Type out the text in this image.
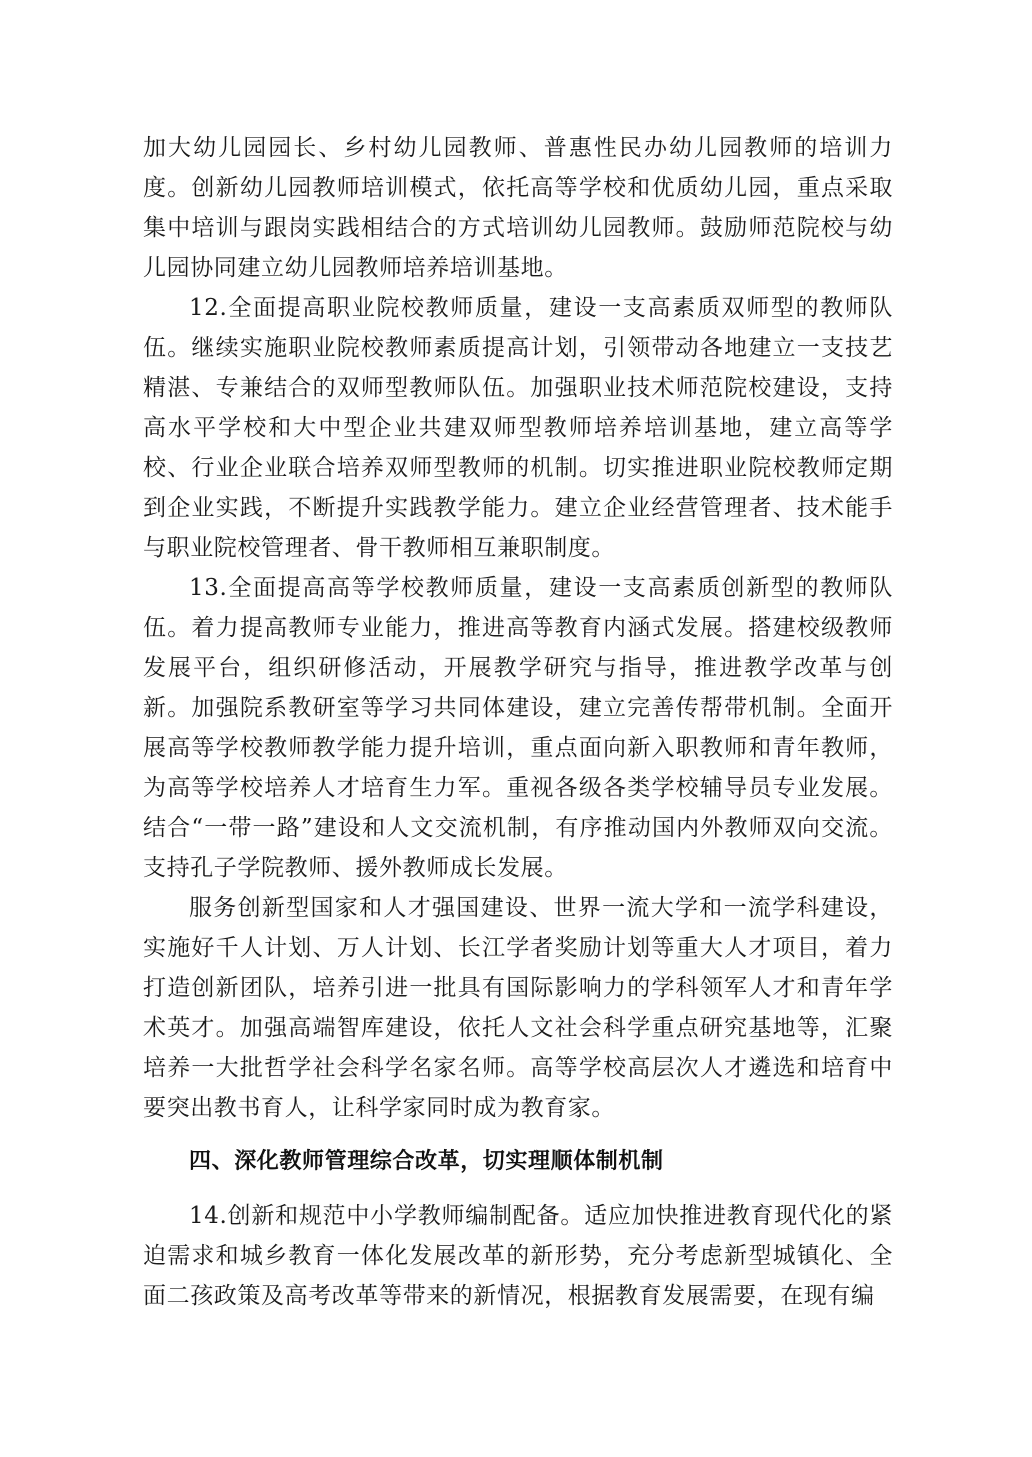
加大幼儿园园长、乡村幼儿园教师、普惠性民办幼儿园教师的培训力度。创新幼儿园教师培训模式，依托高等学校和优质幼儿园，重点采取集中培训与跟岗实践相结合的方式培训幼儿园教师。鼓励师范院校与幼儿园协同建立幼儿园教师培养培训基地。

12.全面提高职业院校教师质量，建设一支高素质双师型的教师队伍。继续实施职业院校教师素质提高计划，引领带动各地建立一支技艺精湛、专兼结合的双师型教师队伍。加强职业技术师范院校建设，支持高水平学校和大中型企业共建双师型教师培养培训基地，建立高等学校、行业企业联合培养双师型教师的机制。切实推进职业院校教师定期到企业实践，不断提升实践教学能力。建立企业经营管理者、技术能手与职业院校管理者、骨干教师相互兼职制度。

13.全面提高高等学校教师质量，建设一支高素质创新型的教师队伍。着力提高教师专业能力，推进高等教育内涵式发展。搭建校级教师发展平台，组织研修活动，开展教学研究与指导，推进教学改革与创新。加强院系教研室等学习共同体建设，建立完善传帮带机制。全面开展高等学校教师教学能力提升培训，重点面向新入职教师和青年教师，为高等学校培养人才培育生力军。重视各级各类学校辅导员专业发展。结合“一带一路”建设和人文交流机制，有序推动国内外教师双向交流。支持孔子学院教师、援外教师成长发展。

服务创新型国家和人才强国建设、世界一流大学和一流学科建设，实施好千人计划、万人计划、长江学者奖励计划等重大人才项目，着力打造创新团队，培养引进一批具有国际影响力的学科领军人才和青年学术英才。加强高端智库建设，依托人文社会科学重点研究基地等，汇聚培养一大批哲学社会科学名家名师。高等学校高层次人才遴选和培育中要突出教书育人，让科学家同时成为教育家。

四、深化教师管理综合改革，切实理顺体制机制

14.创新和规范中小学教师编制配备。适应加快推进教育现代化的紧迫需求和城乡教育一体化发展改革的新形势，充分考虑新型城镇化、全面二孩政策及高考改革等带来的新情况，根据教育发展需要，在现有编
